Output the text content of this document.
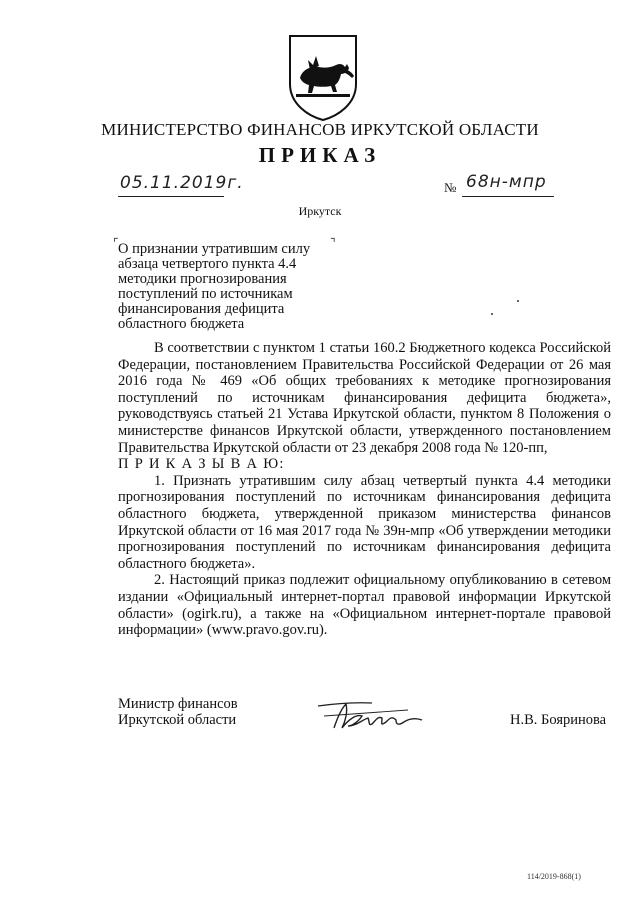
МИНИСТЕРСТВО ФИНАНСОВ ИРКУТСКОЙ ОБЛАСТИ
ПРИКАЗ
05.11.2019г.	№ 68н-мпр
Иркутск
⌜	⌝
О признании утратившим силу
абзаца четвертого пункта 4.4
методики прогнозирования
поступлений по источникам
финансирования дефицита
областного бюджета

В соответствии с пунктом 1 статьи 160.2 Бюджетного кодекса Российской Федерации, постановлением Правительства Российской Федерации от 26 мая 2016 года № 469 «Об общих требованиях к методике прогнозирования поступлений по источникам финансирования дефицита бюджета», руководствуясь статьей 21 Устава Иркутской области, пунктом 8 Положения о министерстве финансов Иркутской области, утвержденного постановлением Правительства Иркутской области от 23 декабря 2008 года № 120-пп,

П Р И К А З Ы В А Ю:

1. Признать утратившим силу абзац четвертый пункта 4.4 методики прогнозирования поступлений по источникам финансирования дефицита областного бюджета, утвержденной приказом министерства финансов Иркутской области от 16 мая 2017 года № 39н-мпр «Об утверждении методики прогнозирования поступлений по источникам финансирования дефицита областного бюджета».

2. Настоящий приказ подлежит официальному опубликованию в сетевом издании «Официальный интернет-портал правовой информации Иркутской области» (ogirk.ru), а также на «Официальном интернет-портале правовой информации» (www.pravo.gov.ru).

Министр финансов
Иркутской области	Н.В. Бояринова
114/2019-868(1)
